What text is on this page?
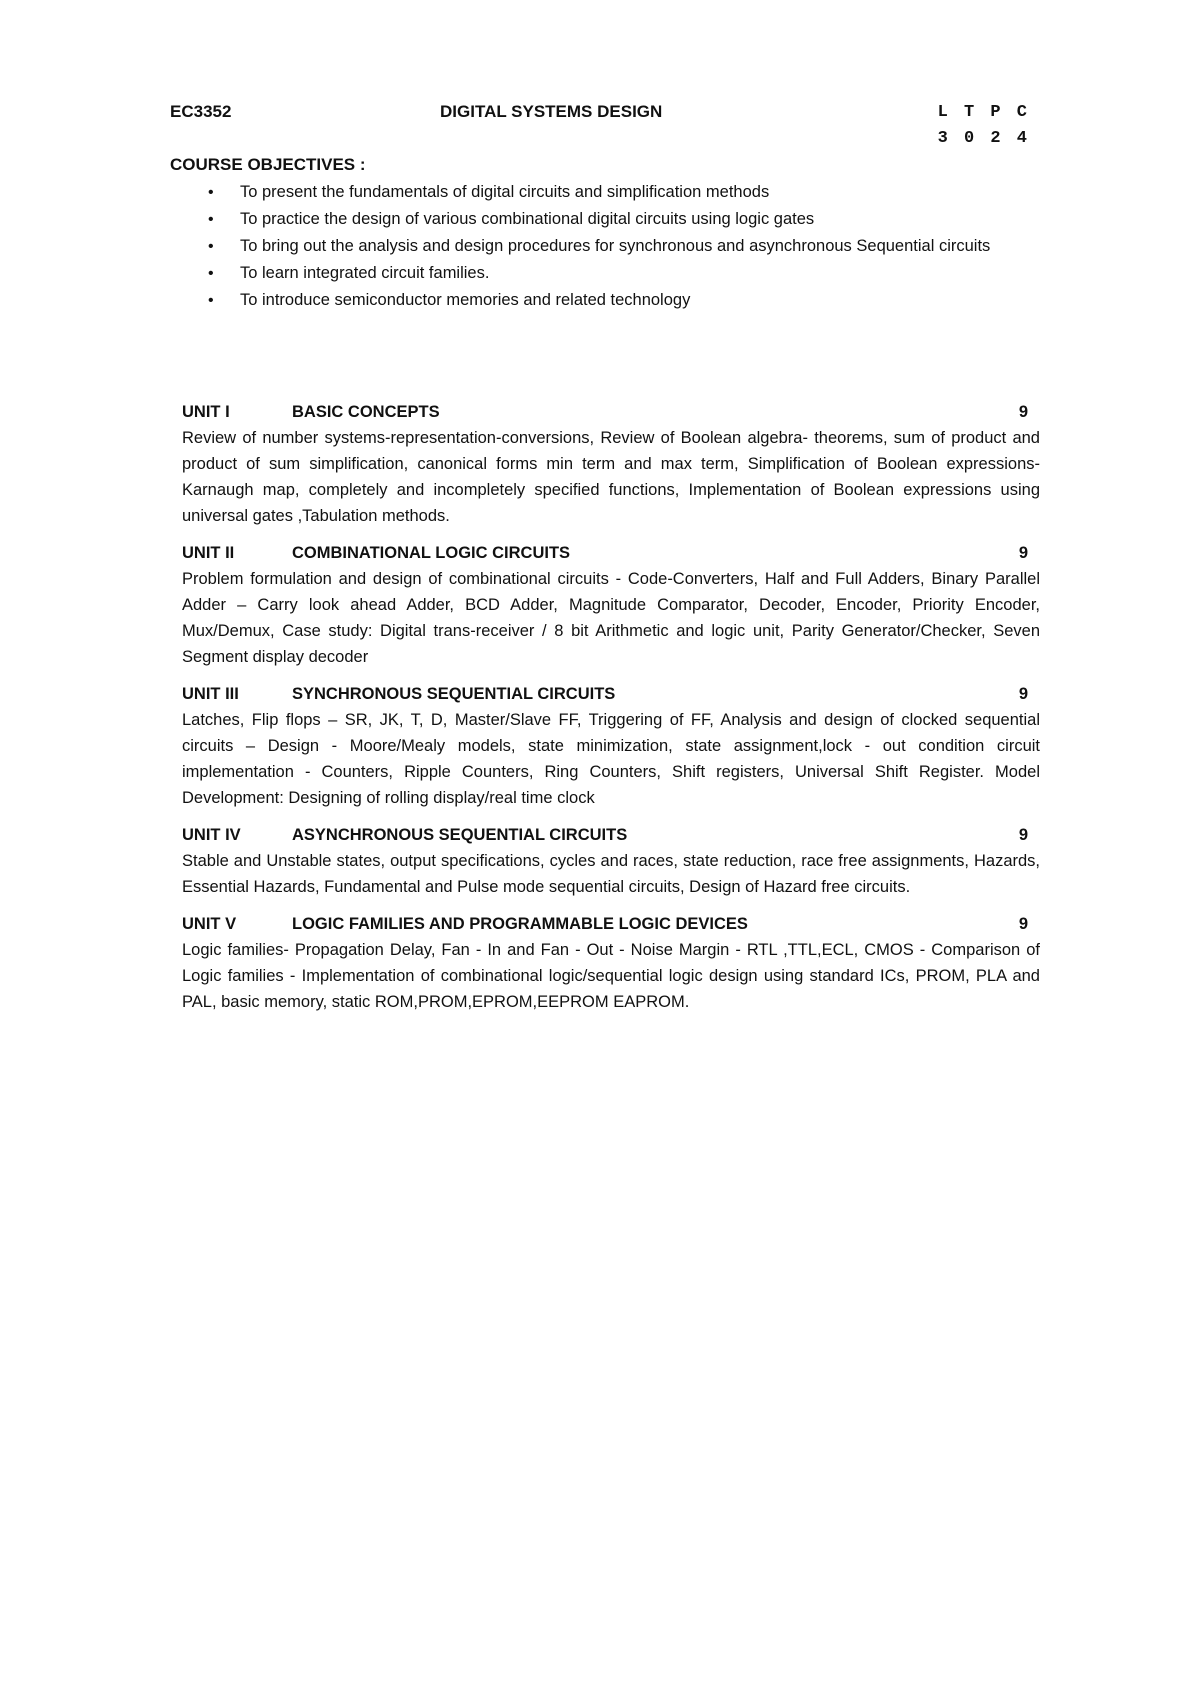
EC3352	DIGITAL SYSTEMS DESIGN	L T P C
3 0 2 4
COURSE OBJECTIVES :
• To present the fundamentals of digital circuits and simplification methods
• To practice the design of various combinational digital circuits using logic gates
• To bring out the analysis and design procedures for synchronous and asynchronous Sequential circuits
• To learn integrated circuit families.
• To introduce semiconductor memories and related technology
UNIT I	BASIC CONCEPTS	9
Review of number systems-representation-conversions, Review of Boolean algebra- theorems, sum of product and product of sum simplification, canonical forms min term and max term, Simplification of Boolean expressions-Karnaugh map, completely and incompletely specified functions, Implementation of Boolean expressions using universal gates ,Tabulation methods.
UNIT II	COMBINATIONAL LOGIC CIRCUITS	9
Problem formulation and design of combinational circuits - Code-Converters, Half and Full Adders, Binary Parallel Adder – Carry look ahead Adder, BCD Adder, Magnitude Comparator, Decoder, Encoder, Priority Encoder, Mux/Demux, Case study: Digital trans-receiver / 8 bit Arithmetic and logic unit, Parity Generator/Checker, Seven Segment display decoder
UNIT III	SYNCHRONOUS SEQUENTIAL CIRCUITS	9
Latches, Flip flops – SR, JK, T, D, Master/Slave FF, Triggering of FF, Analysis and design of clocked sequential circuits – Design - Moore/Mealy models, state minimization, state assignment,lock - out condition circuit implementation - Counters, Ripple Counters, Ring Counters, Shift registers, Universal Shift Register. Model Development: Designing of rolling display/real time clock
UNIT IV	ASYNCHRONOUS SEQUENTIAL CIRCUITS	9
Stable and Unstable states, output specifications, cycles and races, state reduction, race free assignments, Hazards, Essential Hazards, Fundamental and Pulse mode sequential circuits, Design of Hazard free circuits.
UNIT V	LOGIC FAMILIES AND PROGRAMMABLE LOGIC DEVICES	9
Logic families- Propagation Delay, Fan - In and Fan - Out - Noise Margin - RTL ,TTL,ECL, CMOS - Comparison of Logic families - Implementation of combinational logic/sequential logic design using standard ICs, PROM, PLA and PAL, basic memory, static ROM,PROM,EPROM,EEPROM EAPROM.
